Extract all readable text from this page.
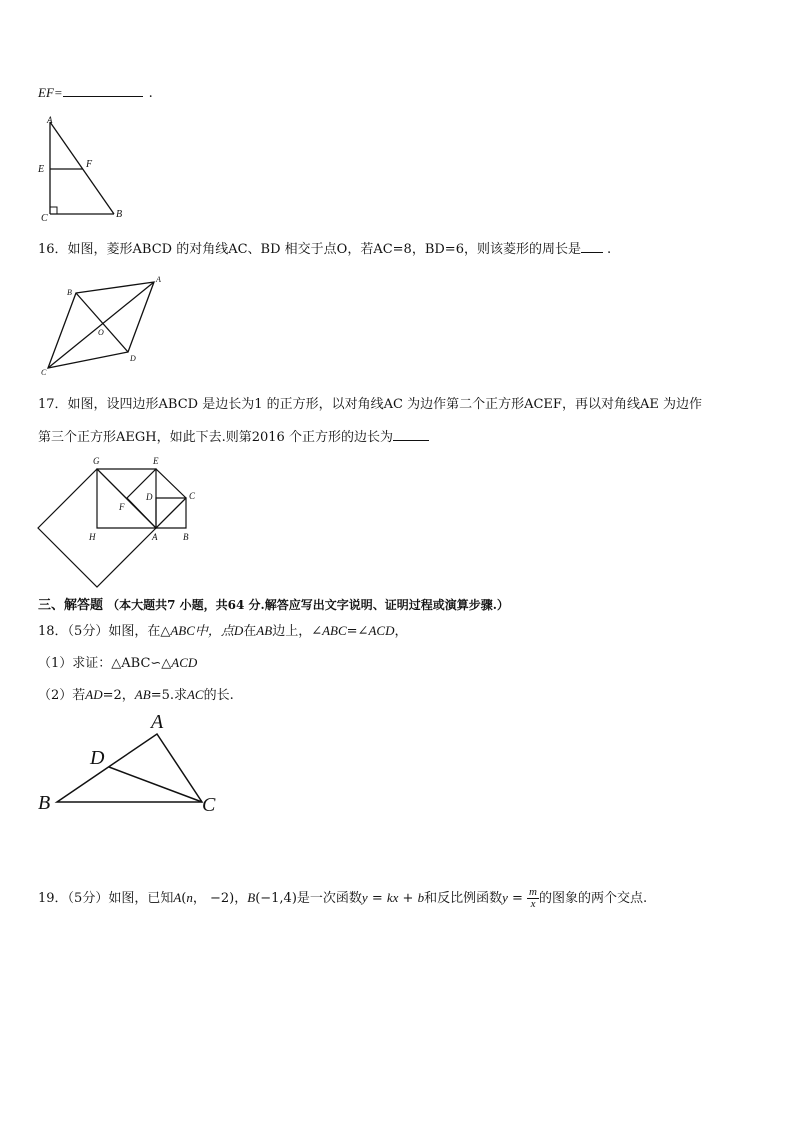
EF=	.
A
E	F
C	B
16．如图，菱形ABCD 的对角线AC、BD 相交于点O，若AC=8，BD=6，则该菱形的周长是 .
A
B
C
D
O
17．如图，设四边形ABCD 是边长为1 的正方形，以对角线AC 为边作第二个正方形ACEF，再以对角线AE 为边作
第三个正方形AEGH，如此下去.则第2016 个正方形的边长为
G	E
D	C
F
H	A	B
三、解答题 （本大题共7 小题，共64 分.解答应写出文字说明、证明过程或演算步骤.）
18．（5分）如图，在△ABC中，点D在AB边上，∠ABC=∠ACD，
（1）求证：△ABC∽△ACD
（2）若AD=2，AB=5.求AC的长.
A
D
B	C
19．（5分）如图，已知A(n， −2)，B(−1,4)是一次函数y = kx + b和反比例函数$y = \frac{m}{x}$ 的图象的两个交点.
